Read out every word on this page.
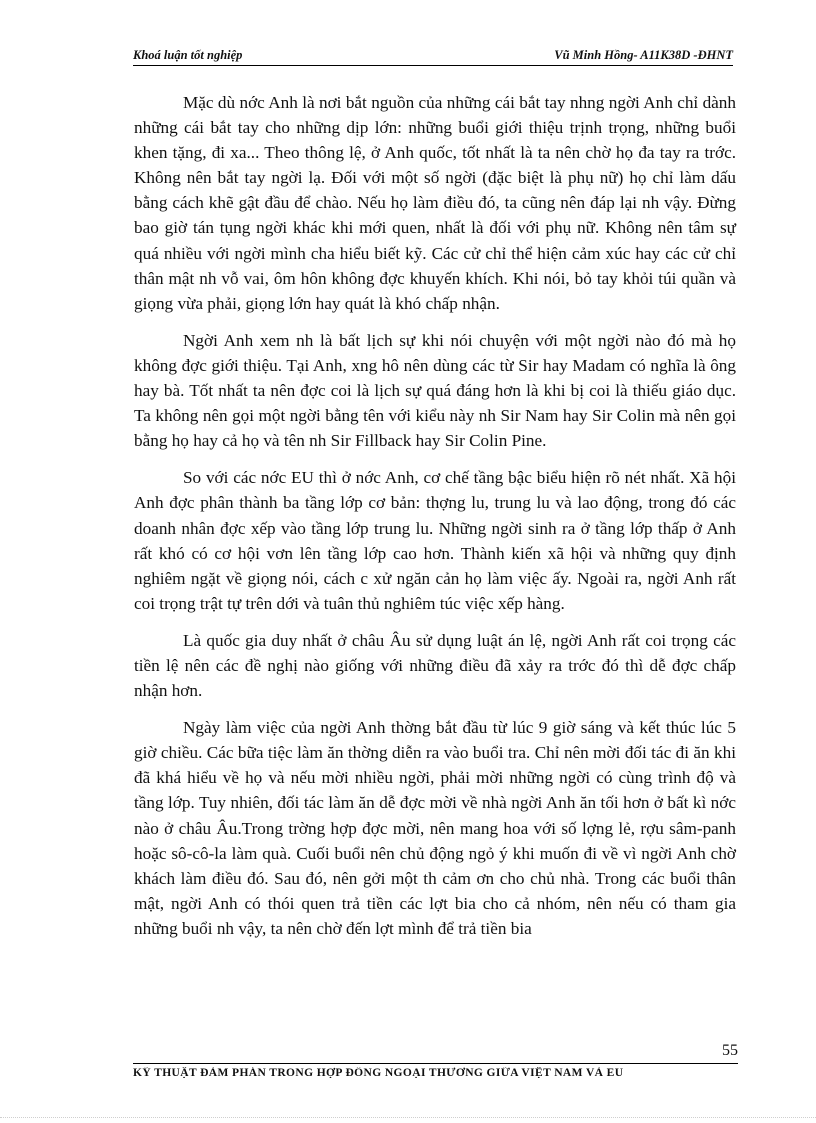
Khoá luận tốt nghiệp	Vũ Minh Hồng- A11K38D -ĐHNT

Mặc dù nớc Anh là nơi bắt nguồn của những cái bắt tay nhng ngời Anh chỉ dành những cái bắt tay cho những dịp lớn: những buổi giới thiệu trịnh trọng, những buổi khen tặng, đi xa... Theo thông lệ, ở Anh quốc, tốt nhất là ta nên chờ họ đa tay ra trớc. Không nên bắt tay ngời lạ. Đối với một số ngời (đặc biệt là phụ nữ) họ chỉ làm dấu bằng cách khẽ gật đầu để chào. Nếu họ làm điều đó, ta cũng nên đáp lại nh vậy. Đừng bao giờ tán tụng ngời khác khi mới quen, nhất là đối với phụ nữ. Không nên tâm sự quá nhiều với ngời mình cha hiểu biết kỹ. Các cử chỉ thể hiện cảm xúc hay các cử chỉ thân mật nh vỗ vai, ôm hôn không đợc khuyến khích. Khi nói, bỏ tay khỏi túi quần và giọng vừa phải, giọng lớn hay quát là khó chấp nhận.

Ngời Anh xem nh là bất lịch sự khi nói chuyện với một ngời nào đó mà họ không đợc giới thiệu. Tại Anh, xng hô nên dùng các từ Sir hay Madam có nghĩa là ông hay bà. Tốt nhất ta nên đợc coi là lịch sự quá đáng hơn là khi bị coi là thiếu giáo dục. Ta không nên gọi một ngời bằng tên với kiểu này nh Sir Nam hay Sir Colin mà nên gọi bằng họ hay cả họ và tên nh Sir Fillback hay Sir Colin Pine.

So với các nớc EU thì ở nớc Anh, cơ chế tầng bậc biểu hiện rõ nét nhất. Xã hội Anh đợc phân thành ba tầng lớp cơ bản: thợng lu, trung lu và lao động, trong đó các doanh nhân đợc xếp vào tầng lớp trung lu. Những ngời sinh ra ở tầng lớp thấp ở Anh rất khó có cơ hội vơn lên tầng lớp cao hơn. Thành kiến xã hội và những quy định nghiêm ngặt về giọng nói, cách c xử ngăn cản họ làm việc ấy. Ngoài ra, ngời Anh rất coi trọng trật tự trên dới và tuân thủ nghiêm túc việc xếp hàng.

Là quốc gia duy nhất ở châu Âu sử dụng luật án lệ, ngời Anh rất coi trọng các tiền lệ nên các đề nghị nào giống với những điều đã xảy ra trớc đó thì dễ đợc chấp nhận hơn.

Ngày làm việc của ngời Anh thờng bắt đầu từ lúc 9 giờ sáng và kết thúc lúc 5 giờ chiều. Các bữa tiệc làm ăn thờng diễn ra vào buổi tra. Chỉ nên mời đối tác đi ăn khi đã khá hiểu về họ và nếu mời nhiều ngời, phải mời những ngời có cùng trình độ và tầng lớp. Tuy nhiên, đối tác làm ăn dễ đợc mời về nhà ngời Anh ăn tối hơn ở bất kì nớc nào ở châu Âu.Trong trờng hợp đợc mời, nên mang hoa với số lợng lẻ, rợu sâm-panh hoặc sô-cô-la làm quà. Cuối buổi nên chủ động ngỏ ý khi muốn đi về vì ngời Anh chờ khách làm điều đó. Sau đó, nên gởi một th cảm ơn cho chủ nhà. Trong các buổi thân mật, ngời Anh có thói quen trả tiền các lợt bia cho cả nhóm, nên nếu có tham gia những buổi nh vậy, ta nên chờ đến lợt mình để trả tiền bia

55
KỸ THUẬT ĐÀM PHÁN TRONG HỢP ĐỒNG NGOẠI THƯƠNG GIỮA VIỆT NAM VÀ EU
